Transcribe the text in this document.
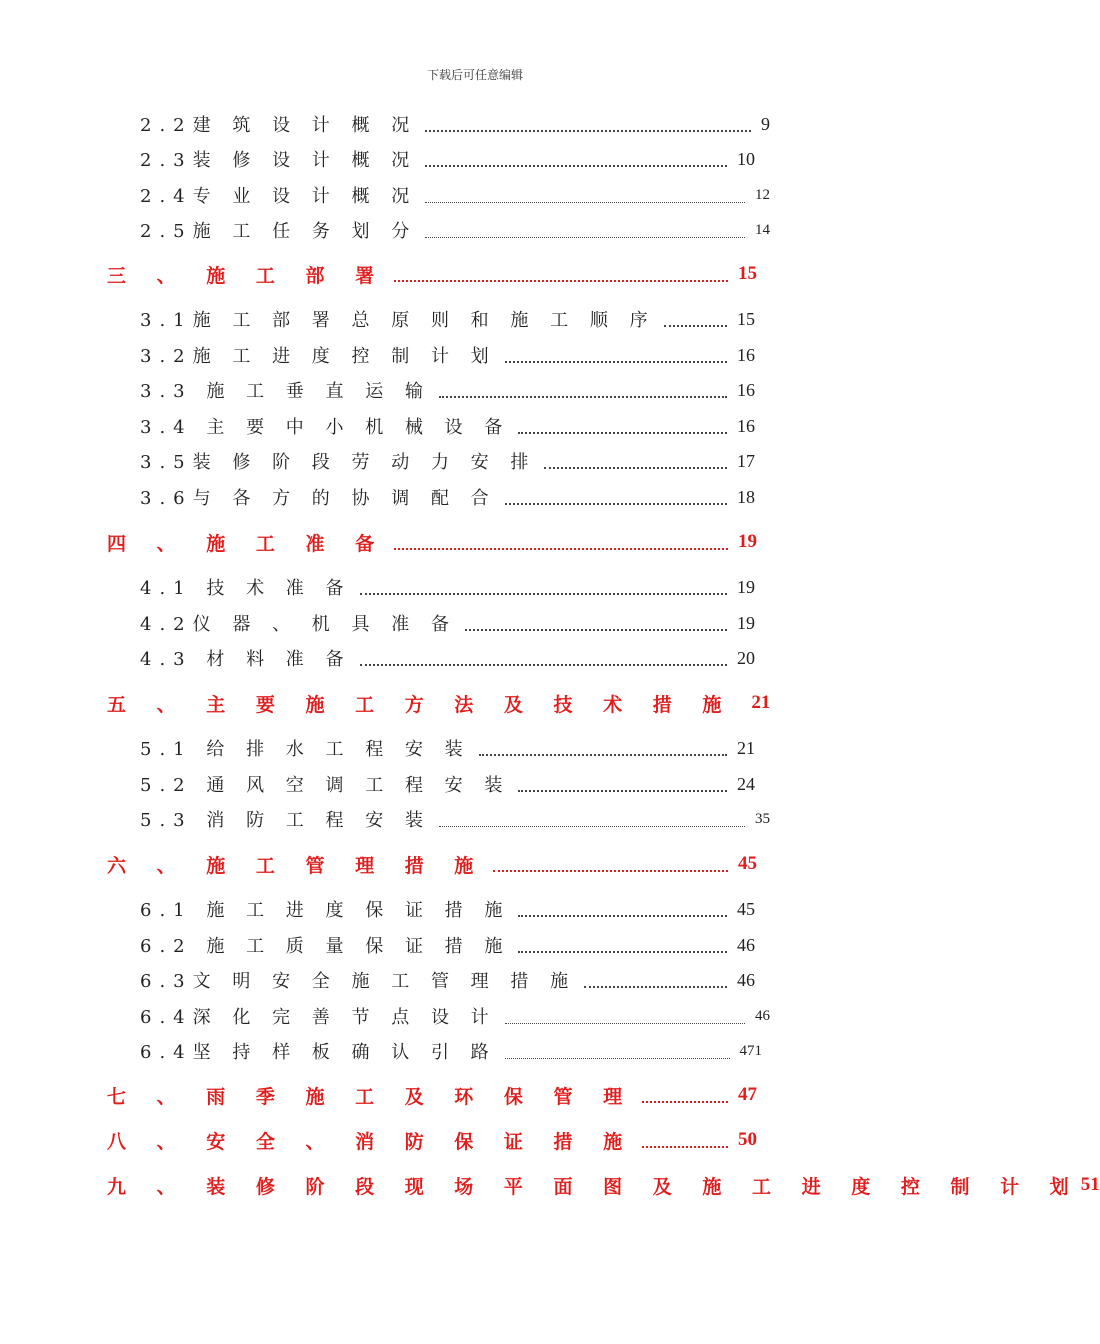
下载后可任意编辑
2.2建 筑 设 计 概 况	9
2.3装 修 设 计 概 况	10
2.4专 业 设 计 概 况	12
2.5施 工 任 务 划 分	14
三 、 施 工 部 署	15
3.1施 工 部 署 总 原 则 和 施 工 顺 序	15
3.2施 工 进 度 控 制 计 划	16
3.3 施 工 垂 直 运 输	16
3.4 主 要 中 小 机 械 设 备	16
3.5装 修 阶 段 劳 动 力 安 排	17
3.6与 各 方 的 协 调 配 合	18
四 、 施 工 准 备	19
4.1 技 术 准 备	19
4.2仪 器 、 机 具 准 备	19
4.3 材 料 准 备	20
五 、 主 要 施 工 方 法 及 技 术 措 施 21
5.1 给 排 水 工 程 安 装	21
5.2 通 风 空 调 工 程 安 装	24
5.3 消 防 工 程 安 装	35
六 、 施 工 管 理 措 施	45
6.1 施 工 进 度 保 证 措 施	45
6.2 施 工 质 量 保 证 措 施	46
6.3文 明 安 全 施 工 管 理 措 施	46
6.4深 化 完 善 节 点 设 计	46
6.4坚 持 样 板 确 认 引 路	471
七 、 雨 季 施 工 及 环 保 管 理	47
八 、 安 全 、 消 防 保 证 措 施	50
九 、 装 修 阶 段 现 场 平 面 图 及 施 工 进 度 控 制 计 划 51
